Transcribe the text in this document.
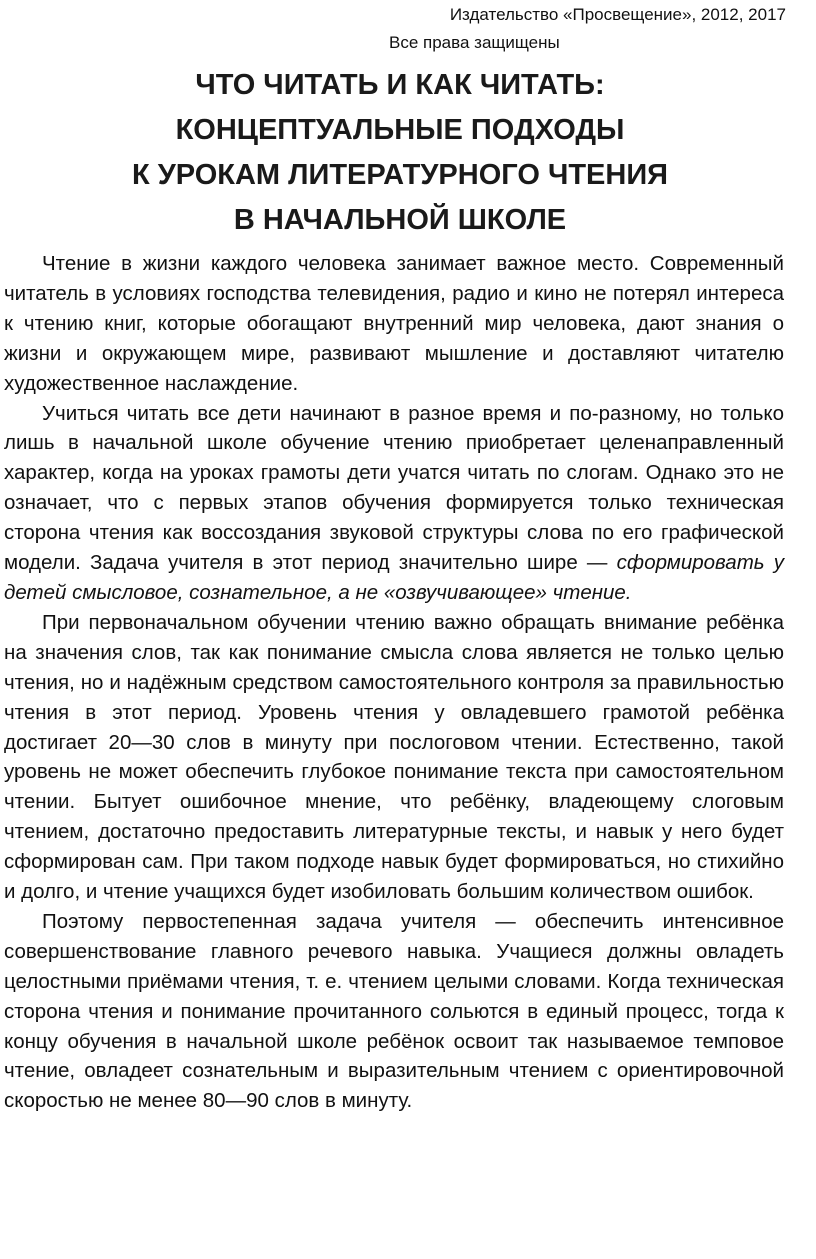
Издательство «Просвещение», 2012, 2017
Все права защищены
ЧТО ЧИТАТЬ И КАК ЧИТАТЬ:
КОНЦЕПТУАЛЬНЫЕ ПОДХОДЫ
К УРОКАМ ЛИТЕРАТУРНОГО ЧТЕНИЯ
В НАЧАЛЬНОЙ ШКОЛЕ

Чтение в жизни каждого человека занимает важное место. Современный читатель в условиях господства телевидения, радио и кино не потерял интереса к чтению книг, которые обогащают внутренний мир человека, дают знания о жизни и окружающем мире, развивают мышление и доставляют читателю художественное наслаждение.

Учиться читать все дети начинают в разное время и по-разному, но только лишь в начальной школе обучение чтению приобретает целенаправленный характер, когда на уроках грамоты дети учатся читать по слогам. Однако это не означает, что с первых этапов обучения формируется только техническая сторона чтения как воссоздания звуковой структуры слова по его графической модели. Задача учителя в этот период значительно шире — сформировать у детей смысловое, сознательное, а не «озвучивающее» чтение.

При первоначальном обучении чтению важно обращать внимание ребёнка на значения слов, так как понимание смысла слова является не только целью чтения, но и надёжным средством самостоятельного контроля за правильностью чтения в этот период. Уровень чтения у овладевшего грамотой ребёнка достигает 20—30 слов в минуту при послоговом чтении. Естественно, такой уровень не может обеспечить глубокое понимание текста при самостоятельном чтении. Бытует ошибочное мнение, что ребёнку, владеющему слоговым чтением, достаточно предоставить литературные тексты, и навык у него будет сформирован сам. При таком подходе навык будет формироваться, но стихийно и долго, и чтение учащихся будет изобиловать большим количеством ошибок.

Поэтому первостепенная задача учителя — обеспечить интенсивное совершенствование главного речевого навыка. Учащиеся должны овладеть целостными приёмами чтения, т. е. чтением целыми словами. Когда техническая сторона чтения и понимание прочитанного сольются в единый процесс, тогда к концу обучения в начальной школе ребёнок освоит так называемое темповое чтение, овладеет сознательным и выразительным чтением с ориентировочной скоростью не менее 80—90 слов в минуту.
